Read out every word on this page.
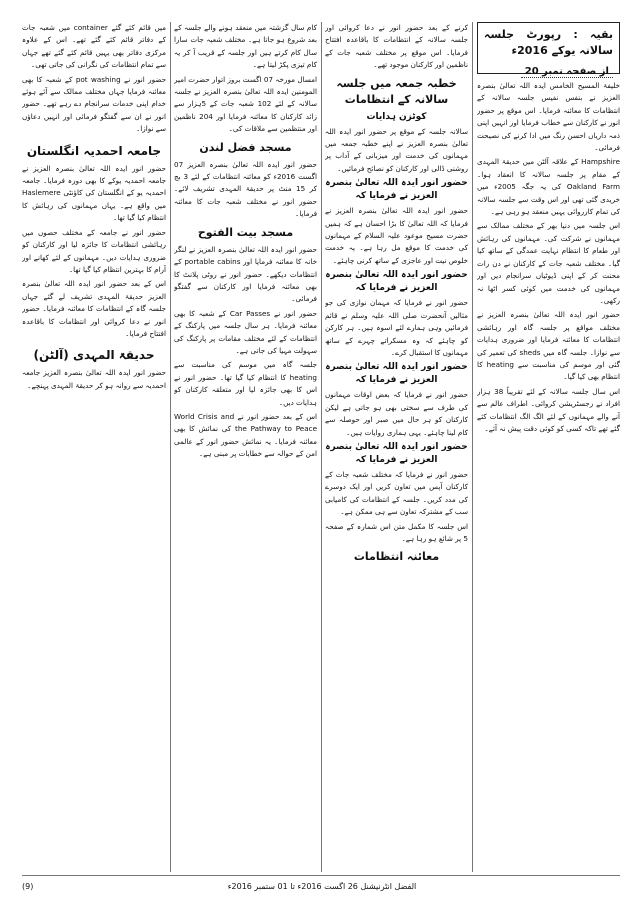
بقیہ : رپورٹ جلسہ سالانہ یوکے 2016ء
از صفحہ نمبر 20

خلیفۃ المسیح الخامس ایدہ اللہ تعالیٰ بنصرہ العزیز نے بنفس نفیس جلسہ سالانہ کے انتظامات کا معائنہ فرمایا۔ اس موقع پر حضور انور نے کارکنان سے خطاب فرمایا اور انہیں اپنی ذمہ داریاں احسن رنگ میں ادا کرنے کی نصیحت فرمائی۔

Hampshire کے علاقہ آلٹن میں حدیقۃ المہدی کے مقام پر جلسہ سالانہ کا انعقاد ہوا۔ Oakland Farm کی یہ جگہ 2005ء میں خریدی گئی تھی اور اس وقت سے جلسہ سالانہ کی تمام کارروائی یہیں منعقد ہو رہی ہے۔

اس جلسہ میں دنیا بھر کے مختلف ممالک سے مہمانوں نے شرکت کی۔ مہمانوں کی رہائش اور طعام کا انتظام نہایت عمدگی کے ساتھ کیا گیا۔ مختلف شعبہ جات کے کارکنان نے دن رات محنت کر کے اپنی ڈیوٹیاں سرانجام دیں اور مہمانوں کی خدمت میں کوئی کسر اٹھا نہ رکھی۔

حضور انور ایدہ اللہ تعالیٰ بنصرہ العزیز نے مختلف مواقع پر جلسہ گاہ اور رہائشی انتظامات کا معائنہ فرمایا اور ضروری ہدایات سے نوازا۔ جلسہ گاہ میں sheds کی تعمیر کی گئی اور موسم کی مناسبت سے heating کا انتظام بھی کیا گیا۔

اس سال جلسہ سالانہ کے لئے تقریباً 38 ہزار افراد نے رجسٹریشن کروائی۔ اطراف عالم سے آنے والے مہمانوں کے لئے الگ الگ انتظامات کئے گئے تھے تاکہ کسی کو کوئی دقت پیش نہ آئے۔

کرنے کے بعد حضور انور نے دعا کروائی اور جلسہ سالانہ کے انتظامات کا باقاعدہ افتتاح فرمایا۔ اس موقع پر مختلف شعبہ جات کے ناظمین اور کارکنان موجود تھے۔

خطبہ جمعہ میں جلسہ سالانہ کے انتظامات
کوٹزن ہدایات

سالانہ جلسہ کے موقع پر حضور انور ایدہ اللہ تعالیٰ بنصرہ العزیز نے اپنے خطبہ جمعہ میں مہمانوں کی خدمت اور میزبانی کے آداب پر روشنی ڈالی اور کارکنان کو نصائح فرمائیں۔

حضور انور ایدہ اللہ تعالیٰ بنصرہ العزیز نے فرمایا کہ

حضور انور ایدہ اللہ تعالیٰ بنصرہ العزیز نے فرمایا کہ اللہ تعالیٰ کا بڑا احسان ہے کہ ہمیں حضرت مسیح موعود علیہ السلام کے مہمانوں کی خدمت کا موقع مل رہا ہے۔ یہ خدمت خلوص نیت اور عاجزی کے ساتھ کرنی چاہئے۔

حضور انور ایدہ اللہ تعالیٰ بنصرہ العزیز نے فرمایا کہ

حضور انور نے فرمایا کہ مہمان نوازی کی جو مثالیں آنحضرت صلی اللہ علیہ وسلم نے قائم فرمائیں وہی ہمارے لئے اسوہ ہیں۔ ہر کارکن کو چاہئے کہ وہ مسکراتے چہرے کے ساتھ مہمانوں کا استقبال کرے۔

حضور انور ایدہ اللہ تعالیٰ بنصرہ العزیز نے فرمایا کہ

حضور انور نے فرمایا کہ بعض اوقات مہمانوں کی طرف سے سختی بھی ہو جاتی ہے لیکن کارکنان کو ہر حال میں صبر اور حوصلہ سے کام لینا چاہئے۔ یہی ہماری روایات ہیں۔

حضور انور ایدہ اللہ تعالیٰ بنصرہ العزیز نے فرمایا کہ

حضور انور نے فرمایا کہ مختلف شعبہ جات کے کارکنان آپس میں تعاون کریں اور ایک دوسرے کی مدد کریں۔ جلسہ کے انتظامات کی کامیابی سب کے مشترکہ تعاون سے ہی ممکن ہے۔

اس جلسہ کا مکمل متن اس شمارہ کے صفحہ 5 پر شائع ہو رہا ہے۔

معائنہ انتظامات

کام سال گزشتہ میں منعقد ہونے والے جلسہ کے بعد شروع ہو جاتا ہے۔ مختلف شعبہ جات سارا سال کام کرتے ہیں اور جلسہ کے قریب آ کر یہ کام تیزی پکڑ لیتا ہے۔

امسال مورخہ 07 اگست بروز اتوار حضرت امیر المومنین ایدہ اللہ تعالیٰ بنصرہ العزیز نے جلسہ سالانہ کے لئے 102 شعبہ جات کے 5ہزار سے زائد کارکنان کا معائنہ فرمایا اور 204 ناظمین اور منتظمین سے ملاقات کی۔

مسجد فضل لندن

حضور انور ایدہ اللہ تعالیٰ بنصرہ العزیز 07 اگست 2016ء کو معائنہ انتظامات کے لئے 3 بج کر 15 منٹ پر حدیقۃ المہدی تشریف لائے۔ حضور انور نے مختلف شعبہ جات کا معائنہ فرمایا۔

مسجد بیت الفتوح

حضور انور ایدہ اللہ تعالیٰ بنصرہ العزیز نے لنگر خانہ کا معائنہ فرمایا اور portable cabins کے انتظامات دیکھے۔ حضور انور نے روٹی پلانٹ کا بھی معائنہ فرمایا اور کارکنان سے گفتگو فرمائی۔

حضور انور نے Car Passes کے شعبہ کا بھی معائنہ فرمایا۔ ہر سال جلسہ میں پارکنگ کے انتظامات کے لئے مختلف مقامات پر پارکنگ کی سہولت مہیا کی جاتی ہے۔

جلسہ گاہ میں موسم کی مناسبت سے heating کا انتظام کیا گیا تھا۔ حضور انور نے اس کا بھی جائزہ لیا اور متعلقہ کارکنان کو ہدایات دیں۔

اس کے بعد حضور انور نے World Crisis and the Pathway to Peace کی نمائش کا بھی معائنہ فرمایا۔ یہ نمائش حضور انور کے عالمی امن کے حوالہ سے خطابات پر مبنی ہے۔

میں قائم کئے گئے container میں شعبہ جات کے دفاتر قائم کئے گئے تھے۔ اس کے علاوہ مرکزی دفاتر بھی یہیں قائم کئے گئے تھے جہاں سے تمام انتظامات کی نگرانی کی جاتی تھی۔

حضور انور نے pot washing کے شعبہ کا بھی معائنہ فرمایا جہاں مختلف ممالک سے آئے ہوئے خدام اپنی خدمات سرانجام دے رہے تھے۔ حضور انور نے ان سے گفتگو فرمائی اور انہیں دعاؤں سے نوازا۔

جامعہ احمدیہ انگلستان

حضور انور ایدہ اللہ تعالیٰ بنصرہ العزیز نے جامعہ احمدیہ یوکے کا بھی دورہ فرمایا۔ جامعہ احمدیہ یو کے انگلستان کی کاؤنٹی Haslemere میں واقع ہے۔ یہاں مہمانوں کی رہائش کا انتظام کیا گیا تھا۔

حضور انور نے جامعہ کے مختلف حصوں میں رہائشی انتظامات کا جائزہ لیا اور کارکنان کو ضروری ہدایات دیں۔ مہمانوں کے لئے کھانے اور آرام کا بہترین انتظام کیا گیا تھا۔

اس کے بعد حضور انور ایدہ اللہ تعالیٰ بنصرہ العزیز حدیقۃ المہدی تشریف لے گئے جہاں جلسہ گاہ کے انتظامات کا معائنہ فرمایا۔ حضور انور نے دعا کروائی اور انتظامات کا باقاعدہ افتتاح فرمایا۔

حدیقۃ المہدی (آلٹن)

حضور انور ایدہ اللہ تعالیٰ بنصرہ العزیز جامعہ احمدیہ سے روانہ ہو کر حدیقۃ المہدی پہنچے۔

(9)	الفضل انٹرنیشنل 26 اگست 2016ء تا 01 ستمبر 2016ء
